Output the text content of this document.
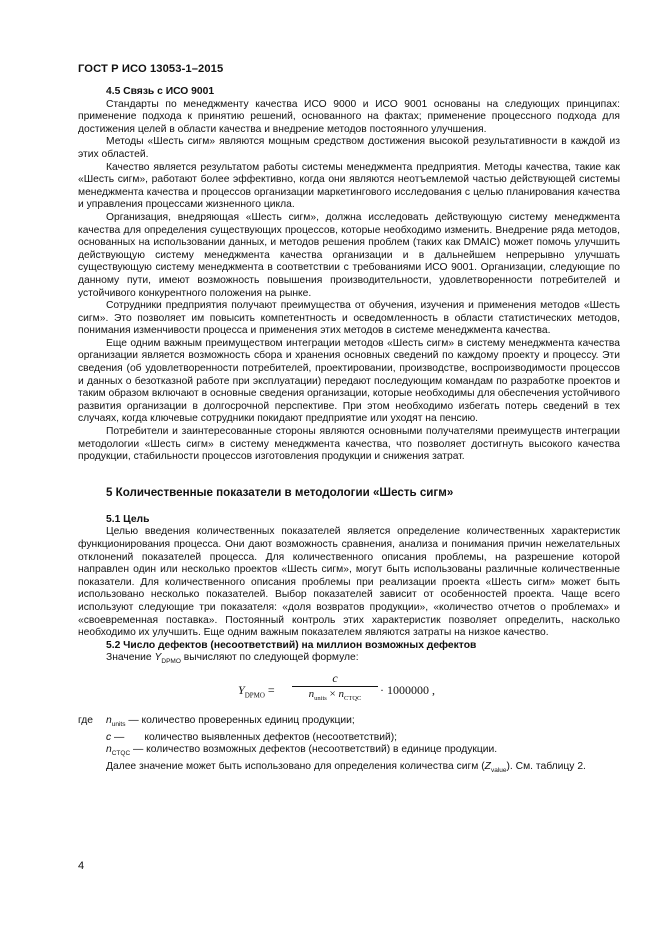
ГОСТ Р ИСО 13053-1–2015
4.5 Связь с ИСО 9001

Стандарты по менеджменту качества ИСО 9000 и ИСО 9001 основаны на следующих принципах: применение подхода к принятию решений, основанного на фактах; применение процессного подхода для достижения целей в области качества и внедрение методов постоянного улучшения.

Методы «Шесть сигм» являются мощным средством достижения высокой результативности в каждой из этих областей.

Качество является результатом работы системы менеджмента предприятия. Методы качества, такие как «Шесть сигм», работают более эффективно, когда они являются неотъемлемой частью действующей системы менеджмента качества и процессов организации маркетингового исследования с целью планирования качества и управления процессами жизненного цикла.

Организация, внедряющая «Шесть сигм», должна исследовать действующую систему менеджмента качества для определения существующих процессов, которые необходимо изменить. Внедрение ряда методов, основанных на использовании данных, и методов решения проблем (таких как DMAIC) может помочь улучшить действующую систему менеджмента качества организации и в дальнейшем непрерывно улучшать существующую систему менеджмента в соответствии с требованиями ИСО 9001. Организации, следующие по данному пути, имеют возможность повышения производительности, удовлетворенности потребителей и устойчивого конкурентного положения на рынке.

Сотрудники предприятия получают преимущества от обучения, изучения и применения методов «Шесть сигм». Это позволяет им повысить компетентность и осведомленность в области статистических методов, понимания изменчивости процесса и применения этих методов в системе менеджмента качества.

Еще одним важным преимуществом интеграции методов «Шесть сигм» в систему менеджмента качества организации является возможность сбора и хранения основных сведений по каждому проекту и процессу. Эти сведения (об удовлетворенности потребителей, проектировании, производстве, воспроизводимости процессов и данных о безотказной работе при эксплуатации) передают последующим командам по разработке проектов и таким образом включают в основные сведения организации, которые необходимы для обеспечения устойчивого развития организации в долгосрочной перспективе. При этом необходимо избегать потерь сведений в тех случаях, когда ключевые сотрудники покидают предприятие или уходят на пенсию.

Потребители и заинтересованные стороны являются основными получателями преимуществ интеграции методологии «Шесть сигм» в систему менеджмента качества, что позволяет достигнуть высокого качества продукции, стабильности процессов изготовления продукции и снижения затрат.

5 Количественные показатели в методологии «Шесть сигм»
5.1 Цель

Целью введения количественных показателей является определение количественных характеристик функционирования процесса. Они дают возможность сравнения, анализа и понимания причин нежелательных отклонений показателей процесса. Для количественного описания проблемы, на разрешение которой направлен один или несколько проектов «Шесть сигм», могут быть использованы различные количественные показатели. Для количественного описания проблемы при реализации проекта «Шесть сигм» может быть использовано несколько показателей. Выбор показателей зависит от особенностей проекта. Чаще всего используют следующие три показателя: «доля возвратов продукции», «количество отчетов о проблемах» и «своевременная поставка». Постоянный контроль этих характеристик позволяет определить, насколько необходимо их улучшить. Еще одним важным показателем являются затраты на низкое качество.

5.2 Число дефектов (несоответствий) на миллион возможных дефектов

Значение $Y_{DPMO}$ вычисляют по следующей формуле:

$Y_{DPMO}$ =
c
$n_{units} \times n_{CTQC}$
· 1000000 ,
где $n_{units}$ — количество проверенных единиц продукции;
c —       количество выявленных дефектов (несоответствий);
$n_{CTQC}$ — количество возможных дефектов (несоответствий) в единице продукции.

Далее значение может быть использовано для определения количества сигм $(Z_{value})$. См. таблицу 2.

4
